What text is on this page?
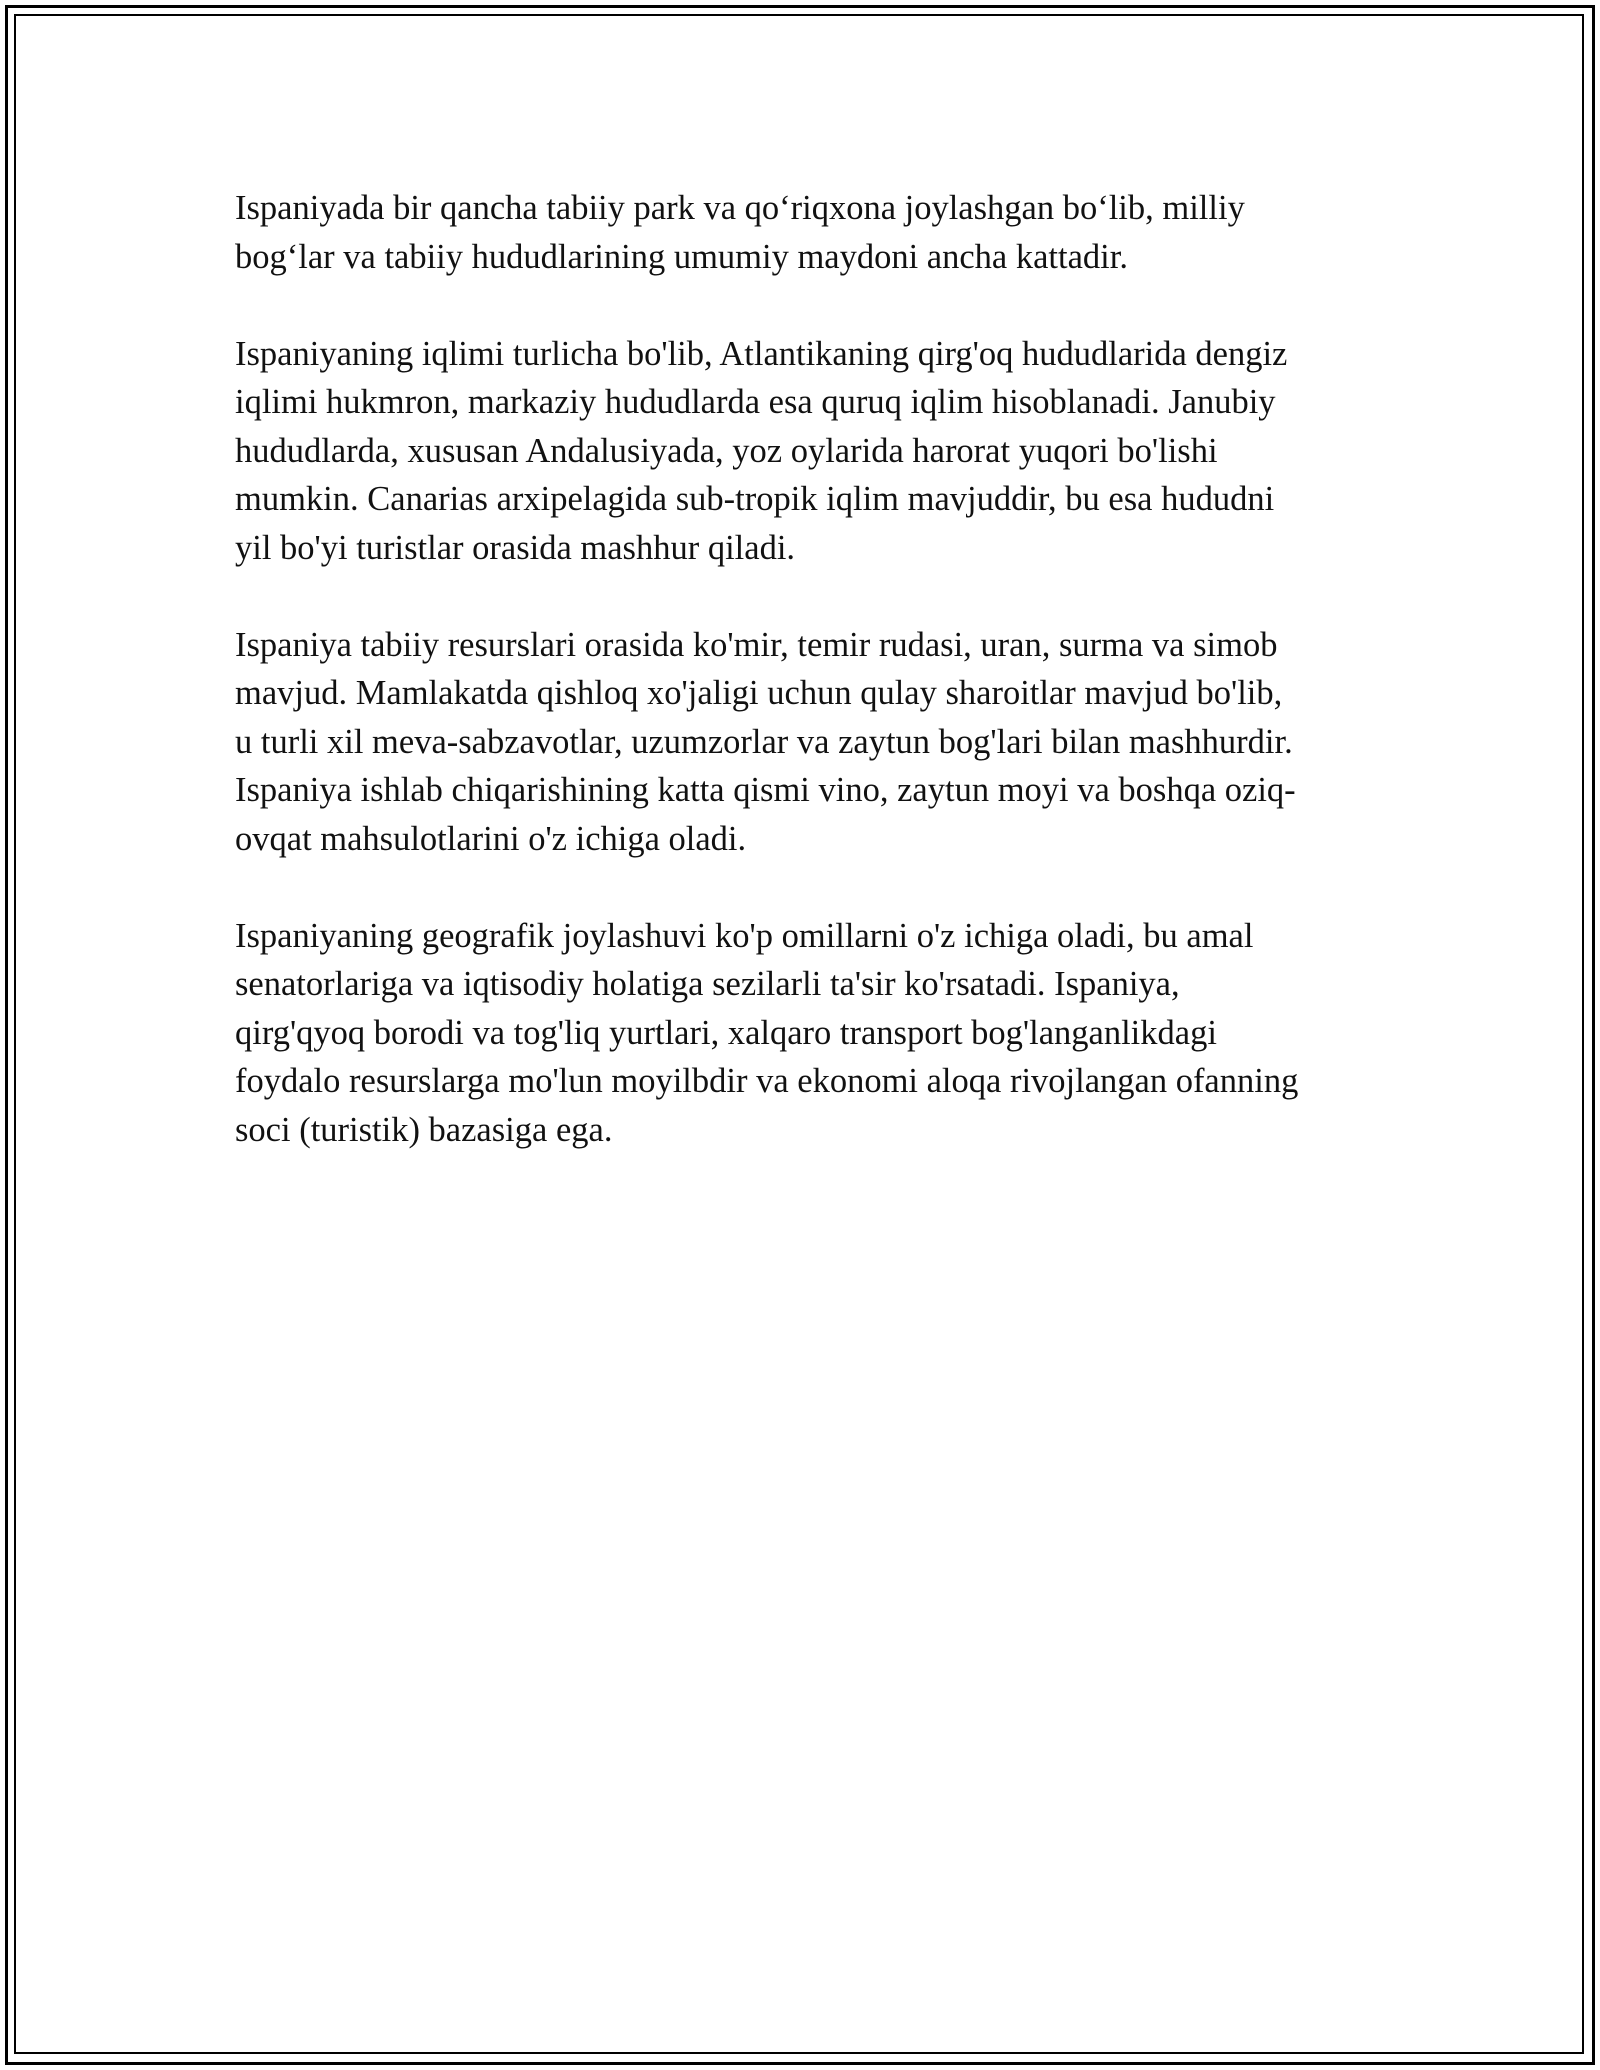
Ispaniyada bir qancha tabiiy park va qo‘riqxona joylashgan bo‘lib, milliy
bog‘lar va tabiiy hududlarining umumiy maydoni ancha kattadir.

Ispaniyaning iqlimi turlicha bo'lib, Atlantikaning qirg'oq hududlarida dengiz
iqlimi hukmron, markaziy hududlarda esa quruq iqlim hisoblanadi. Janubiy
hududlarda, xususan Andalusiyada, yoz oylarida harorat yuqori bo'lishi
mumkin. Canarias arxipelagida sub-tropik iqlim mavjuddir, bu esa hududni
yil bo'yi turistlar orasida mashhur qiladi.

Ispaniya tabiiy resurslari orasida ko'mir, temir rudasi, uran, surma va simob
mavjud. Mamlakatda qishloq xo'jaligi uchun qulay sharoitlar mavjud bo'lib,
u turli xil meva-sabzavotlar, uzumzorlar va zaytun bog'lari bilan mashhurdir.
Ispaniya ishlab chiqarishining katta qismi vino, zaytun moyi va boshqa oziq-
ovqat mahsulotlarini o'z ichiga oladi.

Ispaniyaning geografik joylashuvi ko'p omillarni o'z ichiga oladi, bu amal
senatorlariga va iqtisodiy holatiga sezilarli ta'sir ko'rsatadi. Ispaniya,
qirg'qyoq borodi va tog'liq yurtlari, xalqaro transport bog'langanlikdagi
foydalo resurslarga mo'lun moyilbdir va ekonomi aloqa rivojlangan ofanning
soci (turistik) bazasiga ega.
